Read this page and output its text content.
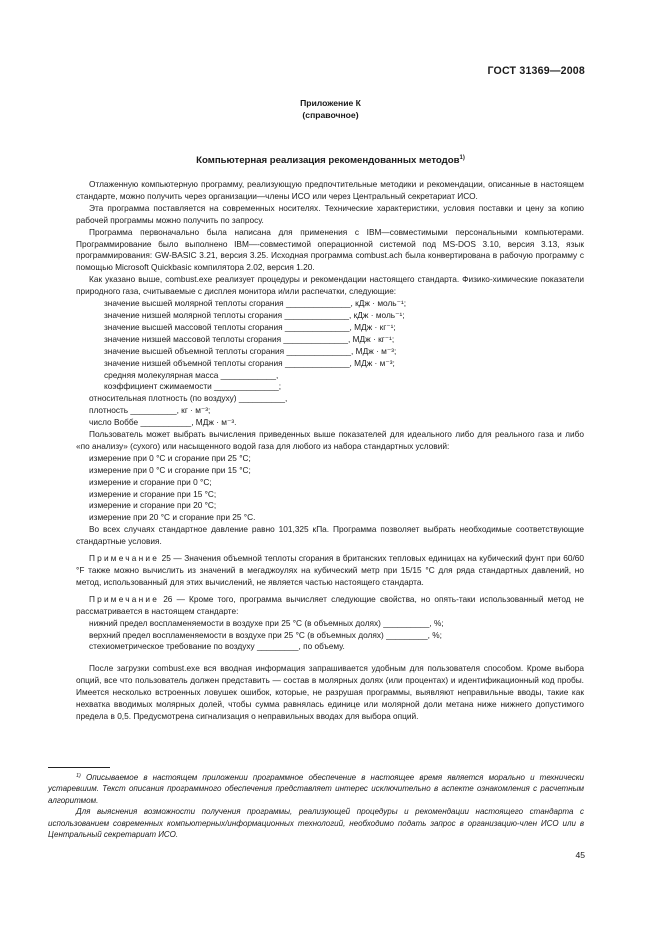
ГОСТ 31369—2008
Приложение К
(справочное)
Компьютерная реализация рекомендованных методов$^{1)}$

Отлаженную компьютерную программу, реализующую предпочтительные методики и рекомендации, описанные в настоящем стандарте, можно получить через организации—члены ИСО или через Центральный секретариат ИСО.

Эта программа поставляется на современных носителях. Технические характеристики, условия поставки и цену за копию рабочей программы можно получить по запросу.

Программа первоначально была написана для применения с IBM—совместимыми персональными компьютерами. Программирование было выполнено IBM—-совместимой операционной системой под MS-DOS 3.10, версия 3.13, язык программирования: GW-BASIC 3.21, версия 3.25. Исходная программа combust.ach была конвертирована в рабочую программу с помощью Microsoft Quickbasic компилятора 2.02, версия 1.20.

Как указано выше, combust.exe реализует процедуры и рекомендации настоящего стандарта. Физико-химические показатели природного газа, считываемые с дисплея монитора и/или распечатки, следующие:

значение высшей молярной теплоты сгорания ______________, кДж · моль⁻¹;

значение низшей молярной теплоты сгорания ______________, кДж · моль⁻¹;

значение высшей массовой теплоты сгорания ______________, МДж · кг⁻¹;

значение низшей массовой теплоты сгорания ______________, МДж · кг⁻¹;

значение высшей объемной теплоты сгорания ______________, МДж · м⁻³;

значение низшей объемной теплоты сгорания ______________, МДж · м⁻³;

средняя молекулярная масса ____________,

коэффициент сжимаемости ______________;

относительная плотность (по воздуху) __________,

плотность __________, кг · м⁻³;

число Воббе ___________, МДж · м⁻³.

Пользователь может выбрать вычисления приведенных выше показателей для идеального либо для реального газа и либо «по анализу» (сухого) или насыщенного водой газа для любого из набора стандартных условий:

измерение при 0 °С и сгорание при 25 °С;

измерение при 0 °С и сгорание при 15 °С;

измерение и сгорание при 0 °С;

измерение и сгорание при 15 °С;

измерение и сгорание при 20 °С;

измерение при 20 °С и сгорание при 25 °С.

Во всех случаях стандартное давление равно 101,325 кПа. Программа позволяет выбрать необходимые соответствующие стандартные условия.

Примечание 25 — Значения объемной теплоты сгорания в британских тепловых единицах на кубический фунт при 60/60 °F также можно вычислить из значений в мегаджоулях на кубический метр при 15/15 °С для ряда стандартных давлений, но метод, использованный для этих вычислений, не является частью настоящего стандарта.

Примечание 26 — Кроме того, программа вычисляет следующие свойства, но опять-таки использованный метод не рассматривается в настоящем стандарте:

нижний предел воспламеняемости в воздухе при 25 °С (в объемных долях) __________, %;

верхний предел воспламеняемости в воздухе при 25 °С (в объемных долях) _________, %;

стехиометрическое требование по воздуху _________, по объему.

После загрузки combust.exe вся вводная информация запрашивается удобным для пользователя способом. Кроме выбора опций, все что пользователь должен представить — состав в молярных долях (или процентах) и идентификационный код пробы. Имеется несколько встроенных ловушек ошибок, которые, не разрушая программы, выявляют неправильные вводы, такие как нехватка вводимых молярных долей, чтобы сумма равнялась единице или молярной доли метана ниже нижнего допустимого предела в 0,5. Предусмотрена сигнализация о неправильных вводах для выбора опций.

$^{1)}$ Описываемое в настоящем приложении программное обеспечение в настоящее время является морально и технически устаревшим. Текст описания программного обеспечения представляет интерес исключительно в аспекте ознакомления с расчетным алгоритмом.

Для выяснения возможности получения программы, реализующей процедуры и рекомендации настоящего стандарта с использованием современных компьютерных/информационных технологий, необходимо подать запрос в организацию-член ИСО или в Центральный секретариат ИСО.

45
